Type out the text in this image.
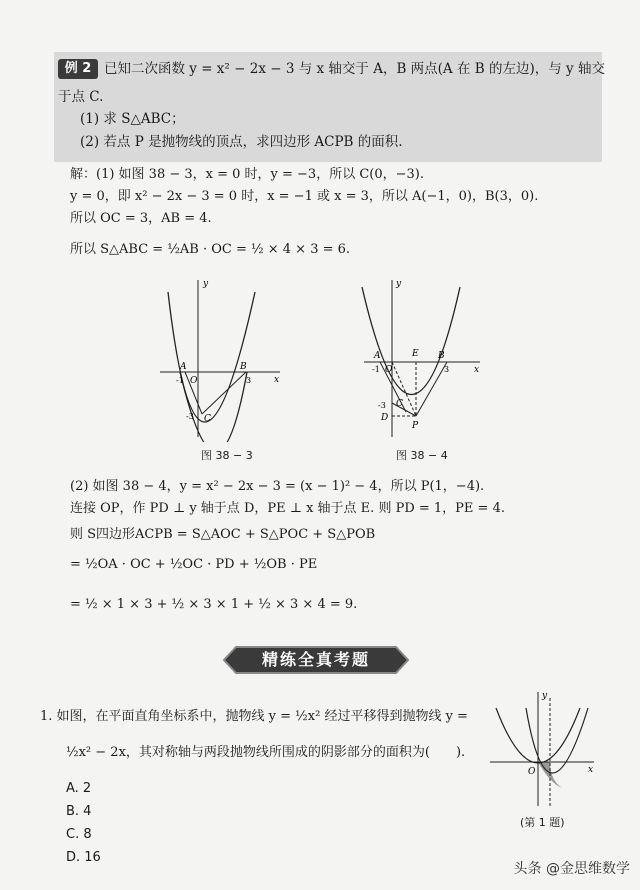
例 2 已知二次函数 y = x² − 2x − 3 与 x 轴交于 A，B 两点(A 在 B 的左边)，与 y 轴交
于点 C.
(1) 求 S△ABC；
(2) 若点 P 是抛物线的顶点，求四边形 ACPB 的面积.
解：(1) 如图 38 − 3，x = 0 时，y = −3，所以 C(0，−3).
y = 0，即 x² − 2x − 3 = 0 时，x = −1 或 x = 3，所以 A(−1，0)，B(3，0).
所以 OC = 3，AB = 4.
所以 S△ABC = ½AB · OC = ½ × 4 × 3 = 6.
A	B
y
x
-1 O	3
-3 C
图 38 − 3
A	B
E
y
x
-1 O	3
-3 C
D
P
图 38 − 4
(2) 如图 38 − 4，y = x² − 2x − 3 = (x − 1)² − 4，所以 P(1，−4).
连接 OP，作 PD ⊥ y 轴于点 D，PE ⊥ x 轴于点 E. 则 PD = 1，PE = 4.
则 S四边形ACPB = S△AOC + S△POC + S△POB
= ½OA · OC + ½OC · PD + ½OB · PE
= ½ × 1 × 3 + ½ × 3 × 1 + ½ × 3 × 4 = 9.
精练全真考题
1. 如图，在平面直角坐标系中，抛物线 y = ½x² 经过平移得到抛物线 y =
½x² − 2x，其对称轴与两段抛物线所围成的阴影部分的面积为(　　).
A. 2
B. 4
C. 8
D. 16
y
x
O
(第 1 题)
头条 @金思维数学
